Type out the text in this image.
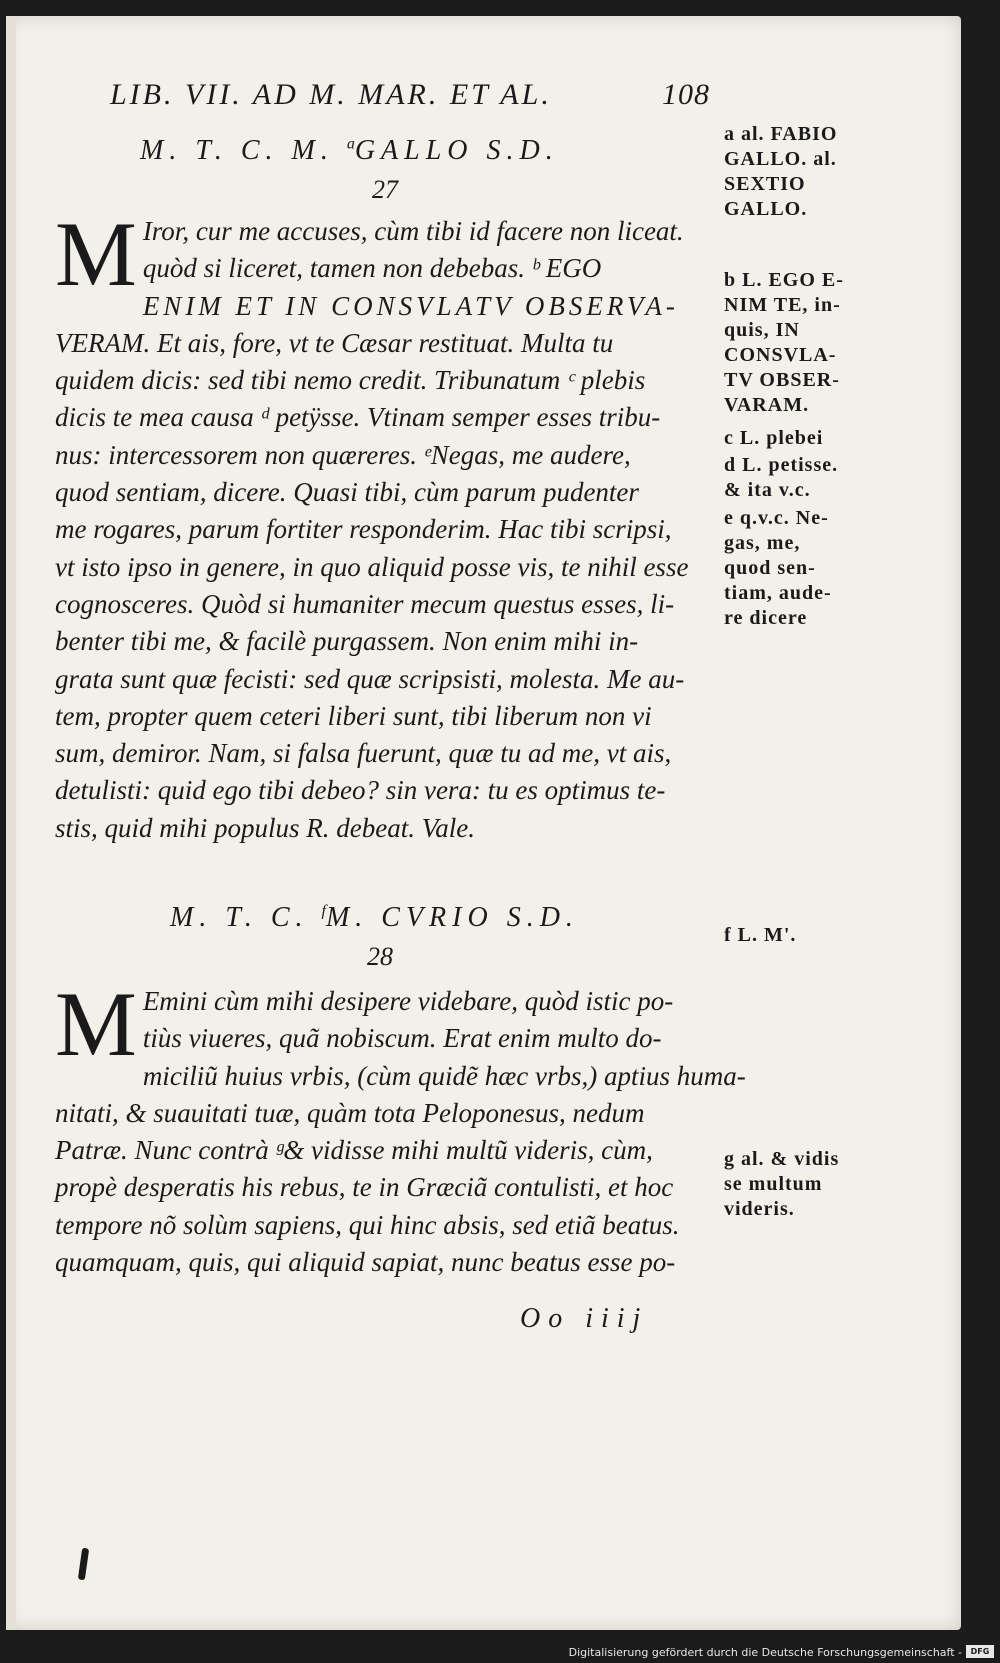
LIB. VII. AD M. MAR. ET AL.	108
M. T. C. M. $^a$GALLO S.D.
27
M Iror, cur me accuses, cùm tibi id facere non liceat.
quòd si liceret, tamen non debebas. ᵇ EGO
ENIM ET IN CONSVLATV OBSERVA-
VERAM. Et ais, fore, vt te Cæsar restituat. Multa tu
quidem dicis: sed tibi nemo credit. Tribunatum ᶜ plebis
dicis te mea causa ᵈ petÿsse. Vtinam semper esses tribu-
nus: intercessorem non quæreres. ᵉNegas, me audere,
quod sentiam, dicere. Quasi tibi, cùm parum pudenter
me rogares, parum fortiter responderim. Hac tibi scripsi,
vt isto ipso in genere, in quo aliquid posse vis, te nihil esse
cognosceres. Quòd si humaniter mecum questus esses, li-
benter tibi me, & facilè purgassem. Non enim mihi in-
grata sunt quæ fecisti: sed quæ scripsisti, molesta. Me au-
tem, propter quem ceteri liberi sunt, tibi liberum non vi
sum, demiror. Nam, si falsa fuerunt, quæ tu ad me, vt ais,
detulisti: quid ego tibi debeo? sin vera: tu es optimus te-
stis, quid mihi populus R. debeat. Vale.
M. T. C. $^f$M. CVRIO S.D.
28
M Emini cùm mihi desipere videbare, quòd istic po-
tiùs viueres, quã nobiscum. Erat enim multo do-
miciliũ huius vrbis, (cùm quidẽ hæc vrbs,) aptius huma-
nitati, & suauitati tuæ, quàm tota Peloponesus, nedum
Patræ. Nunc contrà ᵍ& vidisse mihi multũ videris, cùm,
propè desperatis his rebus, te in Græciã contulisti, et hoc
tempore nõ solùm sapiens, qui hinc absis, sed etiã beatus.
quamquam, quis, qui aliquid sapiat, nunc beatus esse po-
Oo iiij
a al. FABIO
GALLO. al.
SEXTIO
GALLO.
b L. EGO E-
NIM TE, in-
quis, IN
CONSVLA-
TV OBSER-
VARAM.
c L. plebei
d L. petisse.
& ita v.c.
e q.v.c. Ne-
gas, me,
quod sen-
tiam, aude-
re dicere
f L. M'.
g al. & vidis
se multum
videris.
Digitalisierung gefördert durch die Deutsche Forschungsgemeinschaft -	DFG
